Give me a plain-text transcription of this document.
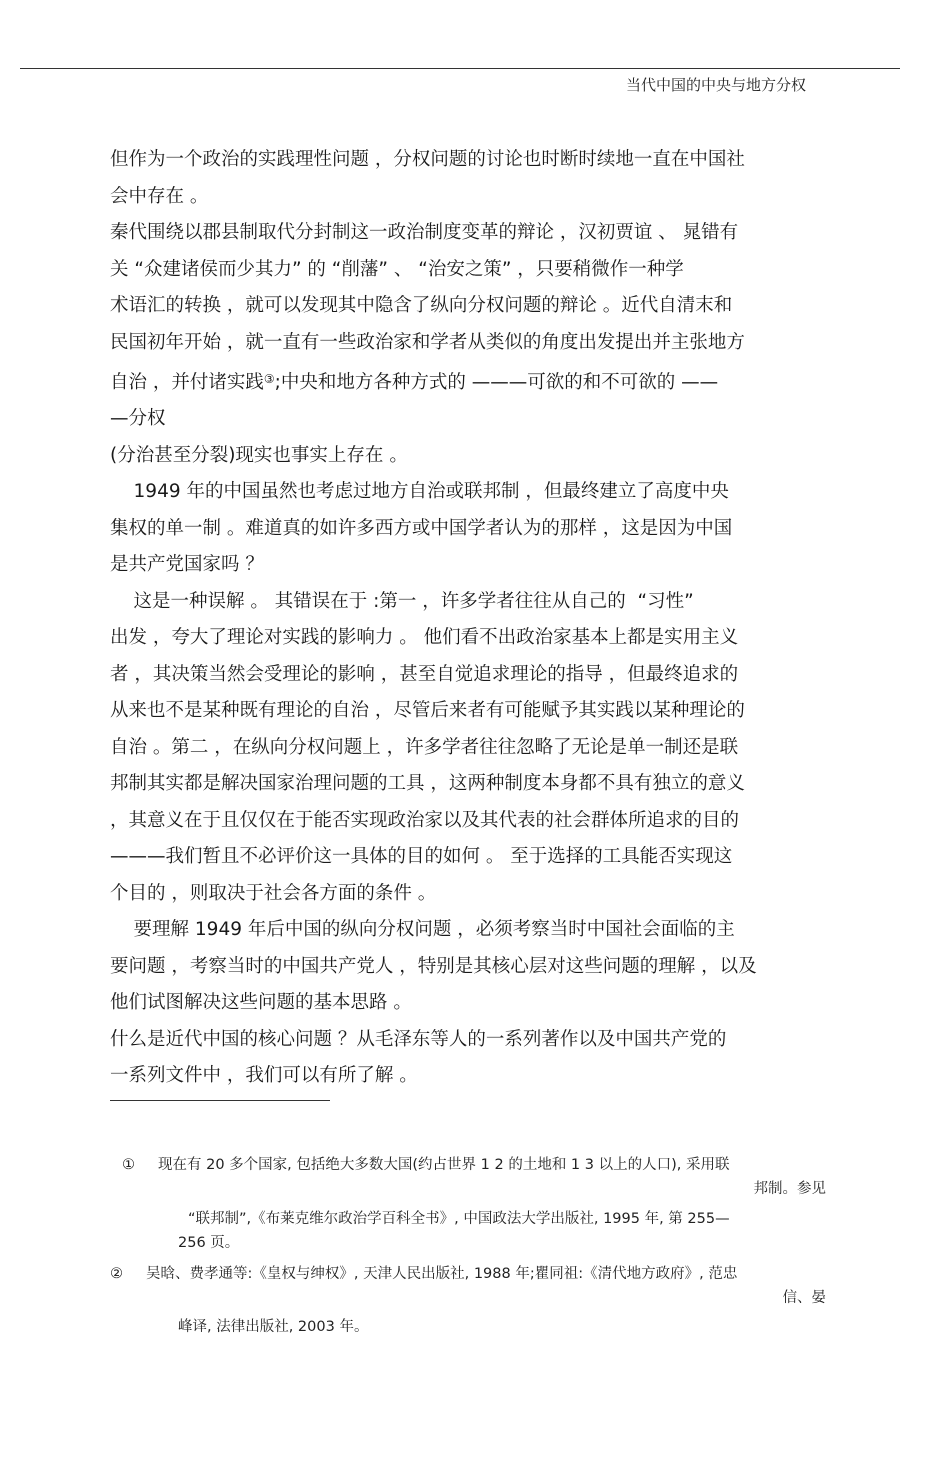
当代中国的中央与地方分权
但作为一个政治的实践理性问题 ，分权问题的讨论也时断时续地一直在中国社
会中存在 。
秦代围绕以郡县制取代分封制这一政治制度变革的辩论 ，汉初贾谊 、 晁错有
关 “众建诸侯而少其力” 的 “削藩” 、 “治安之策” ，只要稍微作一种学
术语汇的转换 ，就可以发现其中隐含了纵向分权问题的辩论 。近代自清末和
民国初年开始 ，就一直有一些政治家和学者从类似的角度出发提出并主张地方
自治 ，并付诸实践③;中央和地方各种方式的 ———可欲的和不可欲的 ——
—分权
(分治甚至分裂)现实也事实上存在 。
1949 年的中国虽然也考虑过地方自治或联邦制 ，但最终建立了高度中央
集权的单一制 。难道真的如许多西方或中国学者认为的那样 ，这是因为中国
是共产党国家吗 ？
这是一种误解 。 其错误在于 :第一 ，许多学者往往从自己的  “习性”
出发 ，夸大了理论对实践的影响力 。 他们看不出政治家基本上都是实用主义
者 ，其决策当然会受理论的影响 ，甚至自觉追求理论的指导 ，但最终追求的
从来也不是某种既有理论的自治 ，尽管后来者有可能赋予其实践以某种理论的
自治 。第二 ，在纵向分权问题上 ，许多学者往往忽略了无论是单一制还是联
邦制其实都是解决国家治理问题的工具 ，这两种制度本身都不具有独立的意义
，其意义在于且仅仅在于能否实现政治家以及其代表的社会群体所追求的目的
———我们暂且不必评价这一具体的目的如何 。 至于选择的工具能否实现这
个目的 ，则取决于社会各方面的条件 。
要理解 1949 年后中国的纵向分权问题 ，必须考察当时中国社会面临的主
要问题 ，考察当时的中国共产党人 ，特别是其核心层对这些问题的理解 ，以及
他们试图解决这些问题的基本思路 。
什么是近代中国的核心问题 ？从毛泽东等人的一系列著作以及中国共产党的
一系列文件中 ，我们可以有所了解 。
① 现在有 20 多个国家, 包括绝大多数大国(约占世界 1 2 的土地和 1 3 以上的人口), 采用联
邦制。参见
“联邦制”,《布莱克维尔政治学百科全书》, 中国政法大学出版社, 1995 年, 第 255—
256 页。
② 吴晗、费孝通等:《皇权与绅权》, 天津人民出版社, 1988 年;瞿同祖:《清代地方政府》, 范忠
信、晏
峰译, 法律出版社, 2003 年。
